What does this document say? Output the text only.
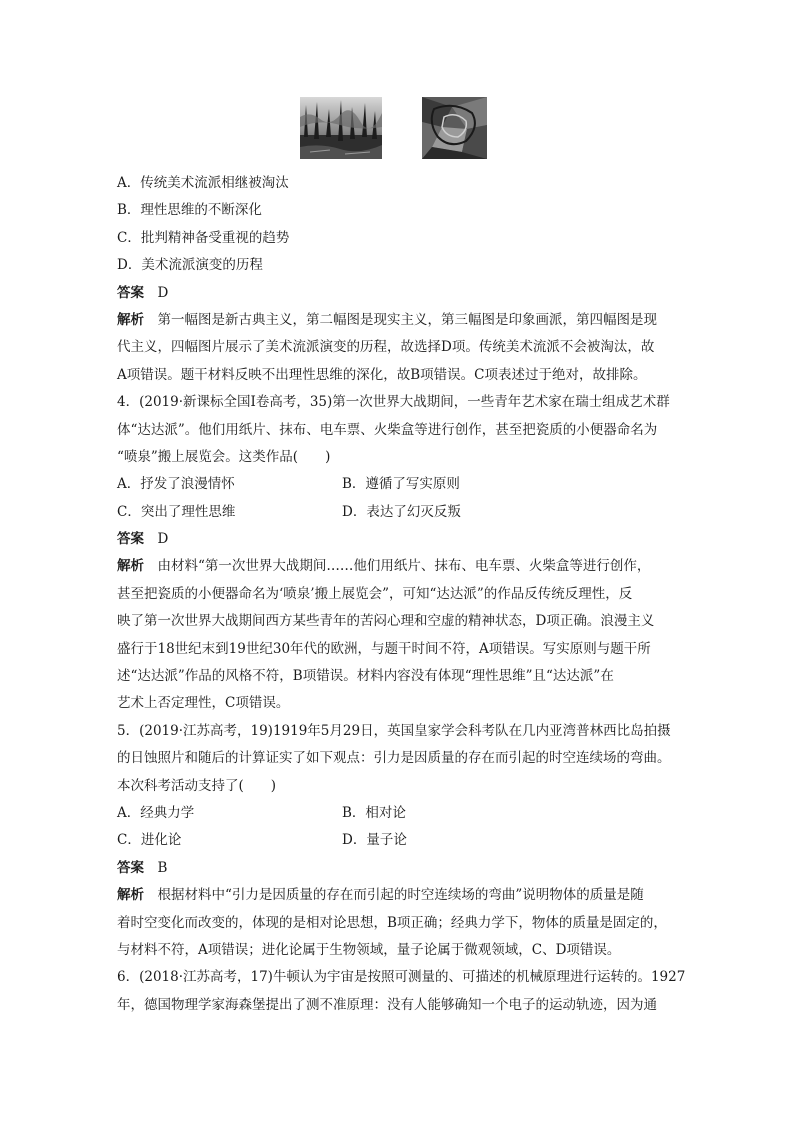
A．传统美术流派相继被淘汰
B．理性思维的不断深化
C．批判精神备受重视的趋势
D．美术流派演变的历程
答案　 D
解析　 第一幅图是新古典主义，第二幅图是现实主义，第三幅图是印象画派，第四幅图是现
代主义，四幅图片展示了美术流派演变的历程，故选择D项。传统美术流派不会被淘汰，故
A项错误。题干材料反映不出理性思维的深化，故B项错误。C项表述过于绝对，故排除。
4．(2019·新课标全国Ⅰ卷高考，35)第一次世界大战期间，一些青年艺术家在瑞士组成艺术群
体“达达派”。他们用纸片、抹布、电车票、火柴盒等进行创作，甚至把瓷质的小便器命名为
“喷泉”搬上展览会。这类作品(　　)
A．抒发了浪漫情怀	B．遵循了写实原则
C．突出了理性思维	D．表达了幻灭反叛
答案　 D
解析　 由材料“第一次世界大战期间……他们用纸片、抹布、电车票、火柴盒等进行创作，
甚至把瓷质的小便器命名为‘喷泉’搬上展览会”，可知“达达派”的作品反传统反理性，反
映了第一次世界大战期间西方某些青年的苦闷心理和空虚的精神状态，D项正确。浪漫主义
盛行于18世纪末到19世纪30年代的欧洲，与题干时间不符，A项错误。写实原则与题干所
述“达达派”作品的风格不符，B项错误。材料内容没有体现“理性思维”且“达达派”在
艺术上否定理性，C项错误。
5．(2019·江苏高考，19)1919年5月29日，英国皇家学会科考队在几内亚湾普林西比岛拍摄
的日蚀照片和随后的计算证实了如下观点：引力是因质量的存在而引起的时空连续场的弯曲。
本次科考活动支持了(　　)
A．经典力学	B．相对论
C．进化论	D．量子论
答案　 B
解析　 根据材料中“引力是因质量的存在而引起的时空连续场的弯曲”说明物体的质量是随
着时空变化而改变的，体现的是相对论思想，B项正确；经典力学下，物体的质量是固定的，
与材料不符，A项错误；进化论属于生物领域，量子论属于微观领域，C、D项错误。
6．(2018·江苏高考，17)牛顿认为宇宙是按照可测量的、可描述的机械原理进行运转的。1927
年，德国物理学家海森堡提出了测不准原理：没有人能够确知一个电子的运动轨迹，因为通
